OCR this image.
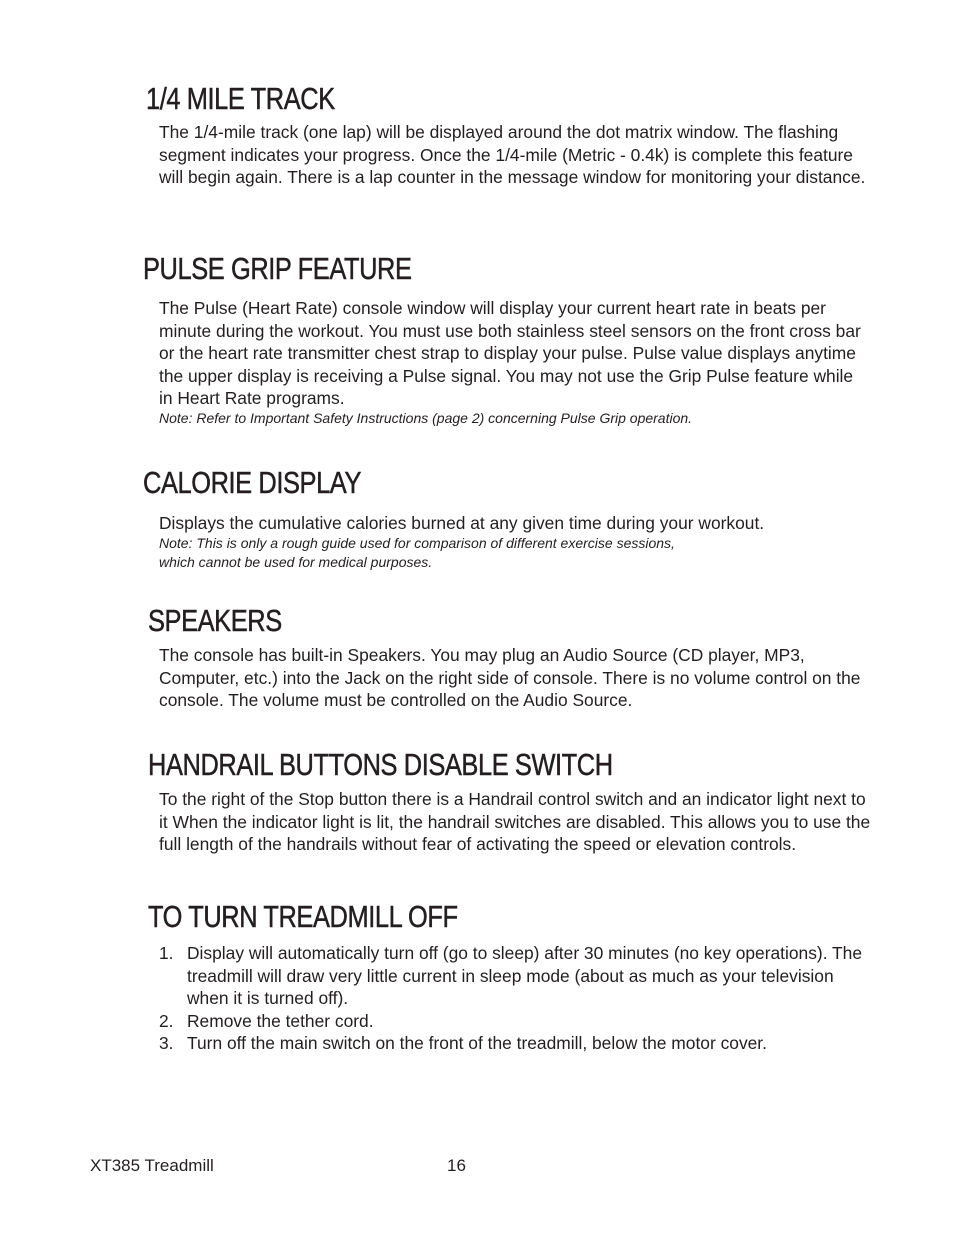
1/4 MILE TRACK

The 1/4-mile track (one lap) will be displayed around the dot matrix window. The flashing segment indicates your progress. Once the 1/4-mile (Metric - 0.4k) is complete this feature will begin again. There is a lap counter in the message window for monitoring your distance.

PULSE GRIP FEATURE

The Pulse (Heart Rate) console window will display your current heart rate in beats per minute during the workout. You must use both stainless steel sensors on the front cross bar or the heart rate transmitter chest strap to display your pulse. Pulse value displays anytime the upper display is receiving a Pulse signal. You may not use the Grip Pulse feature while in Heart Rate programs.

Note: Refer to Important Safety Instructions (page 2) concerning Pulse Grip operation.

CALORIE DISPLAY

Displays the cumulative calories burned at any given time during your workout.

Note: This is only a rough guide used for comparison of different exercise sessions,
which cannot be used for medical purposes.

SPEAKERS

The console has built-in Speakers. You may plug an Audio Source (CD player, MP3, Computer, etc.) into the Jack on the right side of console. There is no volume control on the console. The volume must be controlled on the Audio Source.

HANDRAIL BUTTONS DISABLE SWITCH

To the right of the Stop button there is a Handrail control switch and an indicator light next to it When the indicator light is lit, the handrail switches are disabled. This allows you to use the full length of the handrails without fear of activating the speed or elevation controls.

TO TURN TREADMILL OFF
1. Display will automatically turn off (go to sleep) after 30 minutes (no key operations). The treadmill will draw very little current in sleep mode (about as much as your television when it is turned off).
2. Remove the tether cord.
3. Turn off the main switch on the front of the treadmill, below the motor cover.
XT385 Treadmill	16
